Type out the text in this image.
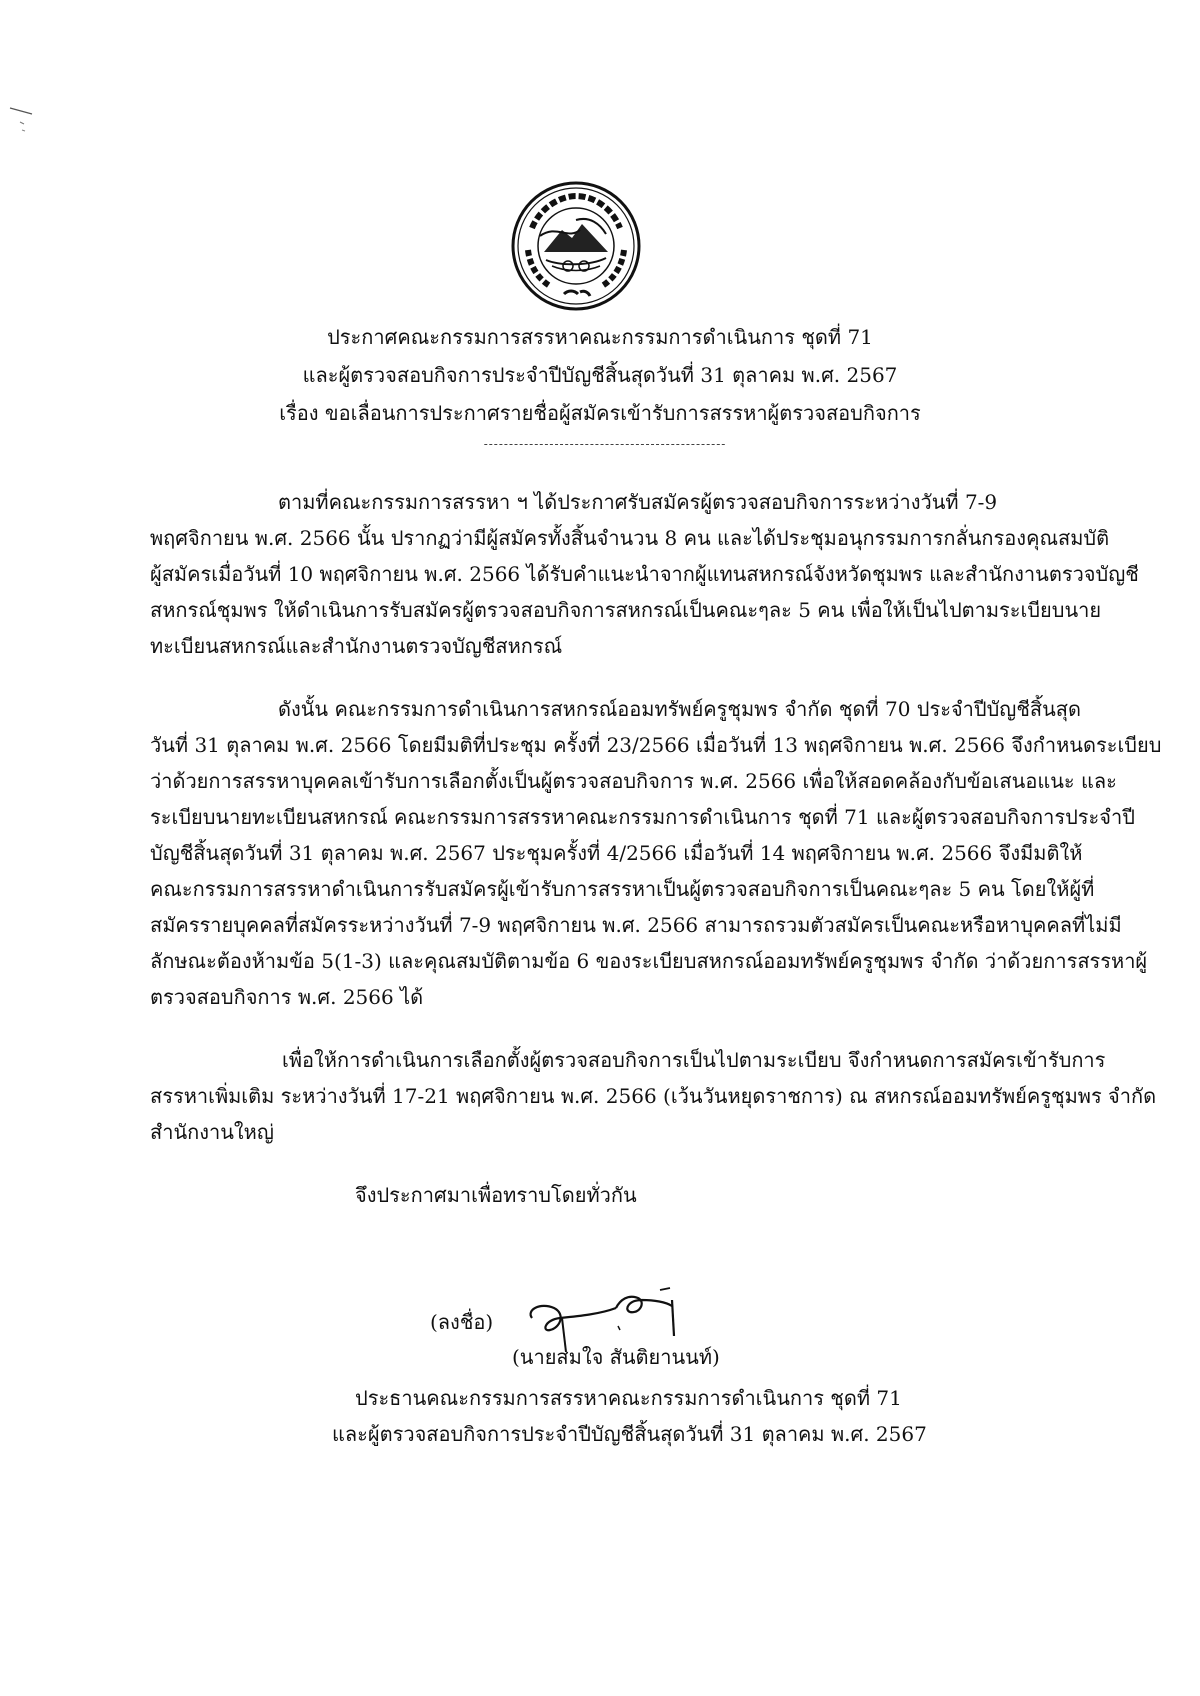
ประกาศคณะกรรมการสรรหาคณะกรรมการดำเนินการ ชุดที่ 71
และผู้ตรวจสอบกิจการประจำปีบัญชีสิ้นสุดวันที่ 31 ตุลาคม พ.ศ. 2567
เรื่อง ขอเลื่อนการประกาศรายชื่อผู้สมัครเข้ารับการสรรหาผู้ตรวจสอบกิจการ
------------------------------------------------
ตามที่คณะกรรมการสรรหา ฯ ได้ประกาศรับสมัครผู้ตรวจสอบกิจการระหว่างวันที่ 7-9
พฤศจิกายน พ.ศ. 2566 นั้น ปรากฏว่ามีผู้สมัครทั้งสิ้นจำนวน 8 คน และได้ประชุมอนุกรรมการกลั่นกรองคุณสมบัติ
ผู้สมัครเมื่อวันที่ 10 พฤศจิกายน พ.ศ. 2566 ได้รับคำแนะนำจากผู้แทนสหกรณ์จังหวัดชุมพร และสำนักงานตรวจบัญชี
สหกรณ์ชุมพร ให้ดำเนินการรับสมัครผู้ตรวจสอบกิจการสหกรณ์เป็นคณะๆละ 5 คน เพื่อให้เป็นไปตามระเบียบนาย
ทะเบียนสหกรณ์และสำนักงานตรวจบัญชีสหกรณ์
ดังนั้น คณะกรรมการดำเนินการสหกรณ์ออมทรัพย์ครูชุมพร จำกัด ชุดที่ 70 ประจำปีบัญชีสิ้นสุด
วันที่ 31 ตุลาคม พ.ศ. 2566 โดยมีมติที่ประชุม ครั้งที่ 23/2566 เมื่อวันที่ 13 พฤศจิกายน พ.ศ. 2566 จึงกำหนดระเบียบ
ว่าด้วยการสรรหาบุคคลเข้ารับการเลือกตั้งเป็นผู้ตรวจสอบกิจการ พ.ศ. 2566 เพื่อให้สอดคล้องกับข้อเสนอแนะ และ
ระเบียบนายทะเบียนสหกรณ์ คณะกรรมการสรรหาคณะกรรมการดำเนินการ ชุดที่ 71 และผู้ตรวจสอบกิจการประจำปี
บัญชีสิ้นสุดวันที่ 31 ตุลาคม พ.ศ. 2567 ประชุมครั้งที่ 4/2566 เมื่อวันที่ 14 พฤศจิกายน พ.ศ. 2566 จึงมีมติให้
คณะกรรมการสรรหาดำเนินการรับสมัครผู้เข้ารับการสรรหาเป็นผู้ตรวจสอบกิจการเป็นคณะๆละ 5 คน โดยให้ผู้ที่
สมัครรายบุคคลที่สมัครระหว่างวันที่ 7-9 พฤศจิกายน พ.ศ. 2566 สามารถรวมตัวสมัครเป็นคณะหรือหาบุคคลที่ไม่มี
ลักษณะต้องห้ามข้อ 5(1-3) และคุณสมบัติตามข้อ 6 ของระเบียบสหกรณ์ออมทรัพย์ครูชุมพร จำกัด ว่าด้วยการสรรหาผู้
ตรวจสอบกิจการ พ.ศ. 2566 ได้
เพื่อให้การดำเนินการเลือกตั้งผู้ตรวจสอบกิจการเป็นไปตามระเบียบ จึงกำหนดการสมัครเข้ารับการ
สรรหาเพิ่มเติม ระหว่างวันที่ 17-21 พฤศจิกายน พ.ศ. 2566 (เว้นวันหยุดราชการ) ณ สหกรณ์ออมทรัพย์ครูชุมพร จำกัด
สำนักงานใหญ่
จึงประกาศมาเพื่อทราบโดยทั่วกัน
(ลงชื่อ)
(นายสมใจ สันติยานนท์)
ประธานคณะกรรมการสรรหาคณะกรรมการดำเนินการ ชุดที่ 71
และผู้ตรวจสอบกิจการประจำปีบัญชีสิ้นสุดวันที่ 31 ตุลาคม พ.ศ. 2567
